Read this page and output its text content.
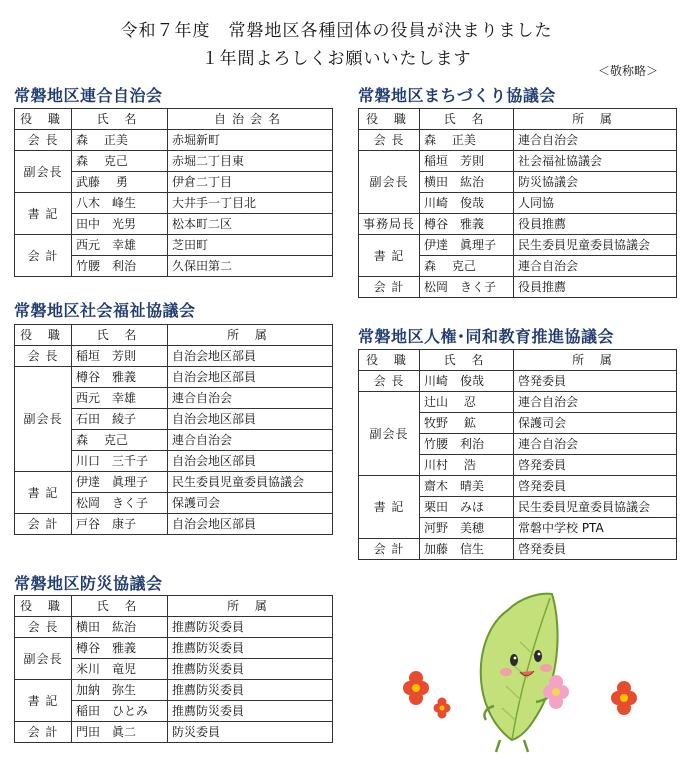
令和７年度　常磐地区各種団体の役員が決まりました
１年間よろしくお願いいたします
＜敬称略＞
常磐地区連合自治会
役 職	氏 名	自治会名
会 長	森　 正美	赤堀新町
副会長	森　 克己	赤堀二丁目東
	武藤　 勇	伊倉二丁目
書 記	八木　峰生	大井手一丁目北
	田中　光男	松本町二区
会 計	西元　幸雄	芝田町
	竹腰　利治	久保田第二
常磐地区まちづくり協議会
役 職	氏 名	所 属
会 長	森　 正美	連合自治会
副会長	稲垣　芳則	社会福祉協議会
	横田　紘治	防災協議会
	川崎　俊哉	人同協
事務局長	樽谷　雅義	役員推薦
書 記	伊達　眞理子	民生委員児童委員協議会
	森　 克己	連合自治会
会 計	松岡　きく子	役員推薦
常磐地区社会福祉協議会
役 職	氏 名	所 属
会 長	稲垣　芳則	自治会地区部員
副会長	樽谷　雅義	自治会地区部員
	西元　幸雄	連合自治会
	石田　綾子	自治会地区部員
	森　 克己	連合自治会
	川口　三千子	自治会地区部員
書 記	伊達　眞理子	民生委員児童委員協議会
	松岡　きく子	保護司会
会 計	戸谷　康子	自治会地区部員
常磐地区人権･同和教育推進協議会
役 職	氏 名	所 属
会 長	川崎　俊哉	啓発委員
副会長	辻山　 忍	連合自治会
	牧野　 鉱	保護司会
	竹腰　利治	連合自治会
	川村　 浩	啓発委員
書 記	齋木　晴美	啓発委員
	栗田　みほ	民生委員児童委員協議会
	河野　美穂	常磐中学校 PTA
会 計	加藤　信生	啓発委員
常磐地区防災協議会
役 職	氏 名	所 属
会 長	横田　紘治	推薦防災委員
副会長	樽谷　雅義	推薦防災委員
	米川　竜児	推薦防災委員
書 記	加納　弥生	推薦防災委員
	稲田　ひとみ	推薦防災委員
会 計	門田　眞二	防災委員
